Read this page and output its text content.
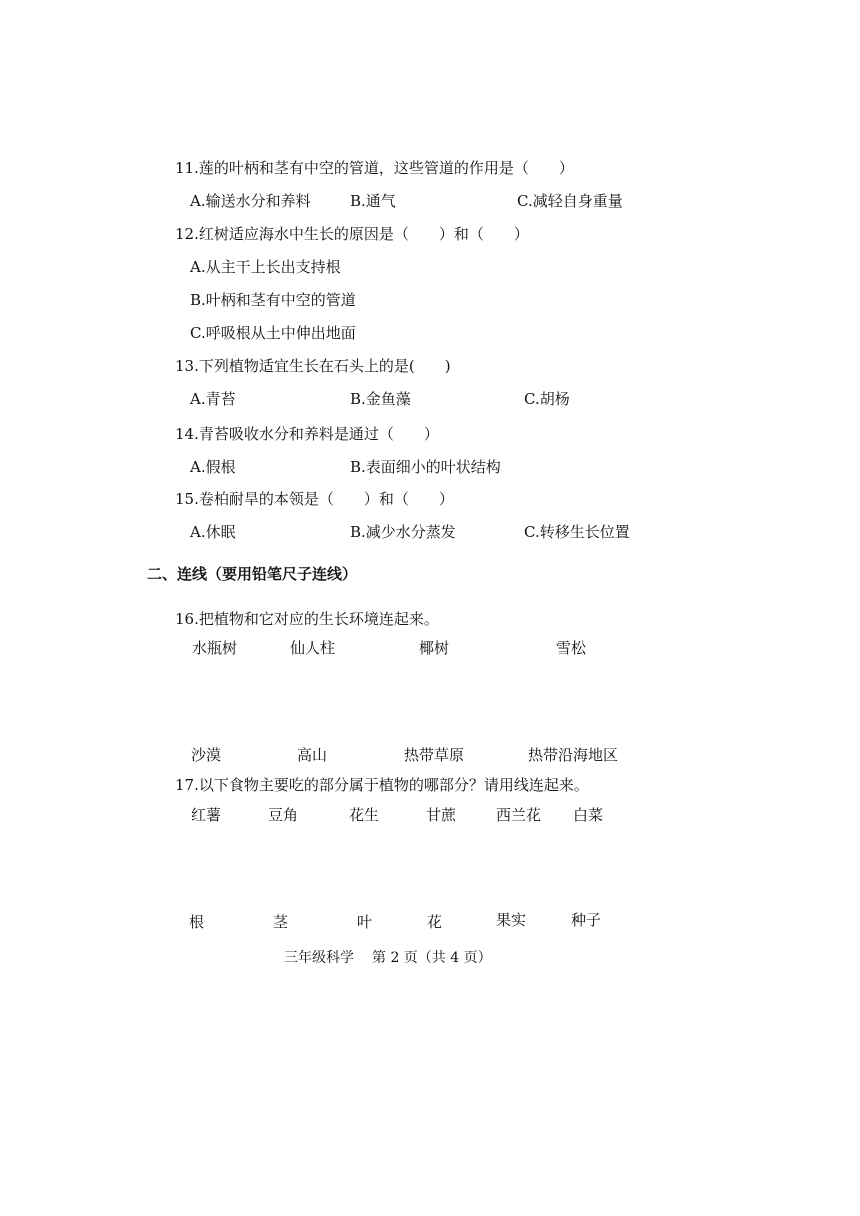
11.莲的叶柄和茎有中空的管道，这些管道的作用是（　　）
A.输送水分和养料	B.通气	C.减轻自身重量
12.红树适应海水中生长的原因是（　　）和（　　）
A.从主干上长出支持根
B.叶柄和茎有中空的管道
C.呼吸根从土中伸出地面
13.下列植物适宜生长在石头上的是(　　)
A.青苔	B.金鱼藻	C.胡杨
14.青苔吸收水分和养料是通过（　　）
A.假根	B.表面细小的叶状结构
15.卷柏耐旱的本领是（　　）和（　　）
A.休眠	B.减少水分蒸发	C.转移生长位置
二、连线（要用铅笔尺子连线）
16.把植物和它对应的生长环境连起来。
水瓶树	仙人柱	椰树	雪松
沙漠	高山	热带草原	热带沿海地区
17.以下食物主要吃的部分属于植物的哪部分？请用线连起来。
红薯	豆角	花生	甘蔗	西兰花 白菜
根	茎	叶	花	果实	种子
三年级科学 第 2 页（共 4 页）
